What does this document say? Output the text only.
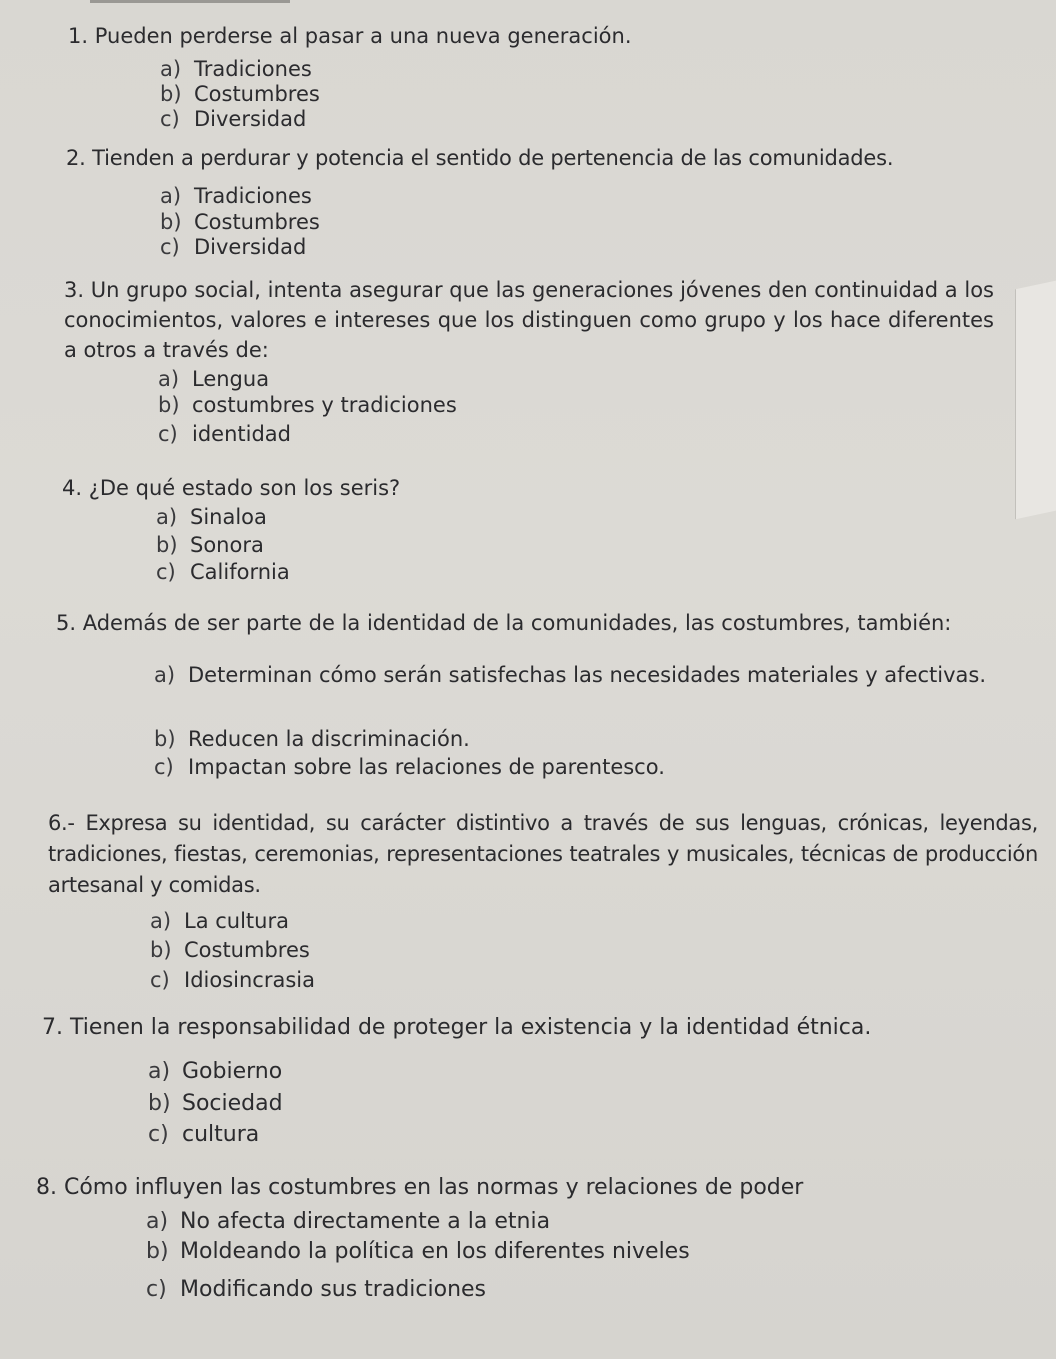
1. Pueden perderse al pasar a una nueva generación.
a) Tradiciones
b) Costumbres
c) Diversidad
2. Tienden a perdurar y potencia el sentido de pertenencia de las comunidades.
a) Tradiciones
b) Costumbres
c) Diversidad
3. Un grupo social, intenta asegurar que las generaciones jóvenes den continuidad a los conocimientos, valores e intereses que los distinguen como grupo y los hace diferentes a otros a través de:
a) Lengua
b) costumbres y tradiciones
c) identidad
4. ¿De qué estado son los seris?
a) Sinaloa
b) Sonora
c) California
5. Además de ser parte de la identidad de la comunidades, las costumbres, también:
a) Determinan cómo serán satisfechas las necesidades materiales y afectivas.
b) Reducen la discriminación.
c) Impactan sobre las relaciones de parentesco.
6.- Expresa su identidad, su carácter distintivo a través de sus lenguas, crónicas, leyendas, tradiciones, fiestas, ceremonias, representaciones teatrales y musicales, técnicas de producción artesanal y comidas.
a) La cultura
b) Costumbres
c) Idiosincrasia
7. Tienen la responsabilidad de proteger la existencia y la identidad étnica.
a) Gobierno
b) Sociedad
c) cultura
8. Cómo influyen las costumbres en las normas y relaciones de poder
a) No afecta directamente a la etnia
b) Moldeando la política en los diferentes niveles
c) Modificando sus tradiciones
